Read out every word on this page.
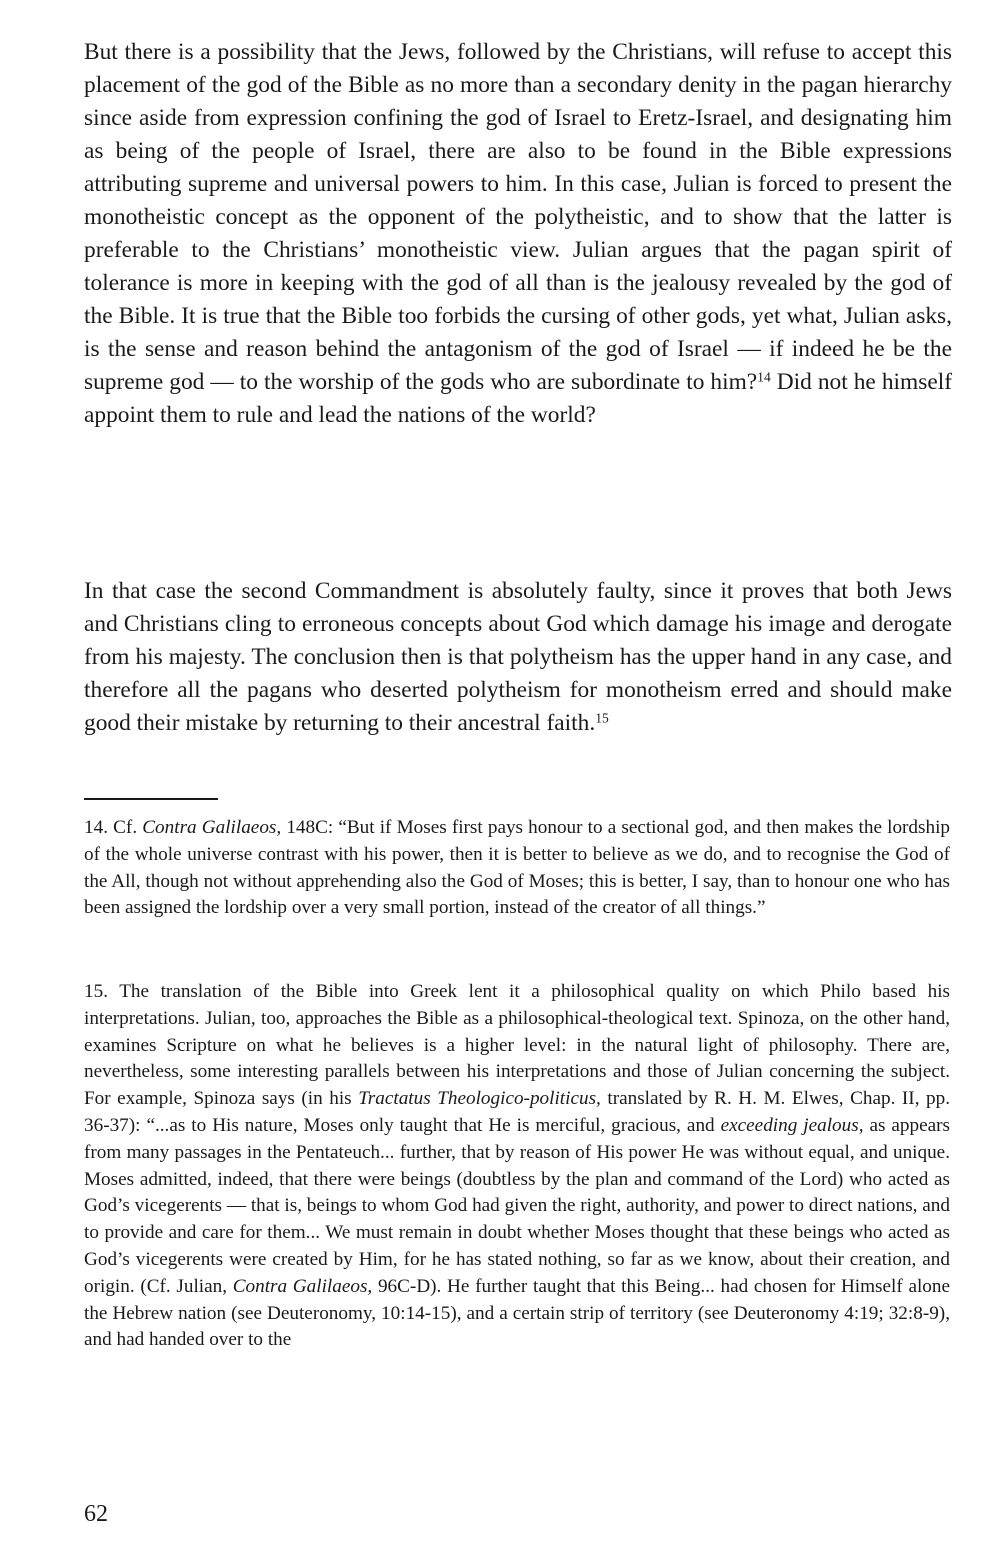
But there is a possibility that the Jews, followed by the Christians, will refuse to accept this placement of the god of the Bible as no more than a secondary denity in the pagan hierarchy since aside from expression confining the god of Israel to Eretz-Israel, and designating him as being of the people of Israel, there are also to be found in the Bible expressions attributing supreme and universal powers to him. In this case, Julian is forced to present the monotheistic concept as the opponent of the polytheistic, and to show that the latter is preferable to the Christians’ monotheistic view. Julian argues that the pagan spirit of tolerance is more in keeping with the god of all than is the jealousy revealed by the god of the Bible. It is true that the Bible too forbids the cursing of other gods, yet what, Julian asks, is the sense and reason behind the antagonism of the god of Israel — if indeed he be the supreme god — to the worship of the gods who are subordinate to him?$^{14}$ Did not he himself appoint them to rule and lead the nations of the world?

In that case the second Commandment is absolutely faulty, since it proves that both Jews and Christians cling to erroneous concepts about God which damage his image and derogate from his majesty. The conclusion then is that polytheism has the upper hand in any case, and therefore all the pagans who deserted polytheism for monotheism erred and should make good their mistake by returning to their ancestral faith.$^{15}$

14. Cf. Contra Galilaeos, 148C: “But if Moses first pays honour to a sectional god, and then makes the lordship of the whole universe contrast with his power, then it is better to believe as we do, and to recognise the God of the All, though not without apprehending also the God of Moses; this is better, I say, than to honour one who has been assigned the lordship over a very small portion, instead of the creator of all things.”

15. The translation of the Bible into Greek lent it a philosophical quality on which Philo based his interpretations. Julian, too, approaches the Bible as a philosophical-theological text. Spinoza, on the other hand, examines Scripture on what he believes is a higher level: in the natural light of philosophy. There are, nevertheless, some interesting parallels between his interpretations and those of Julian concerning the subject. For example, Spinoza says (in his Tractatus Theologico-politicus, translated by R. H. M. Elwes, Chap. II, pp. 36-37): “...as to His nature, Moses only taught that He is merciful, gracious, and exceeding jealous, as appears from many passages in the Pentateuch... further, that by reason of His power He was without equal, and unique. Moses admitted, indeed, that there were beings (doubtless by the plan and command of the Lord) who acted as God’s vicegerents — that is, beings to whom God had given the right, authority, and power to direct nations, and to provide and care for them... We must remain in doubt whether Moses thought that these beings who acted as God’s vicegerents were created by Him, for he has stated nothing, so far as we know, about their creation, and origin. (Cf. Julian, Contra Galilaeos, 96C-D). He further taught that this Being... had chosen for Himself alone the Hebrew nation (see Deuteronomy, 10:14-15), and a certain strip of territory (see Deuteronomy 4:19; 32:8-9), and had handed over to the

62
